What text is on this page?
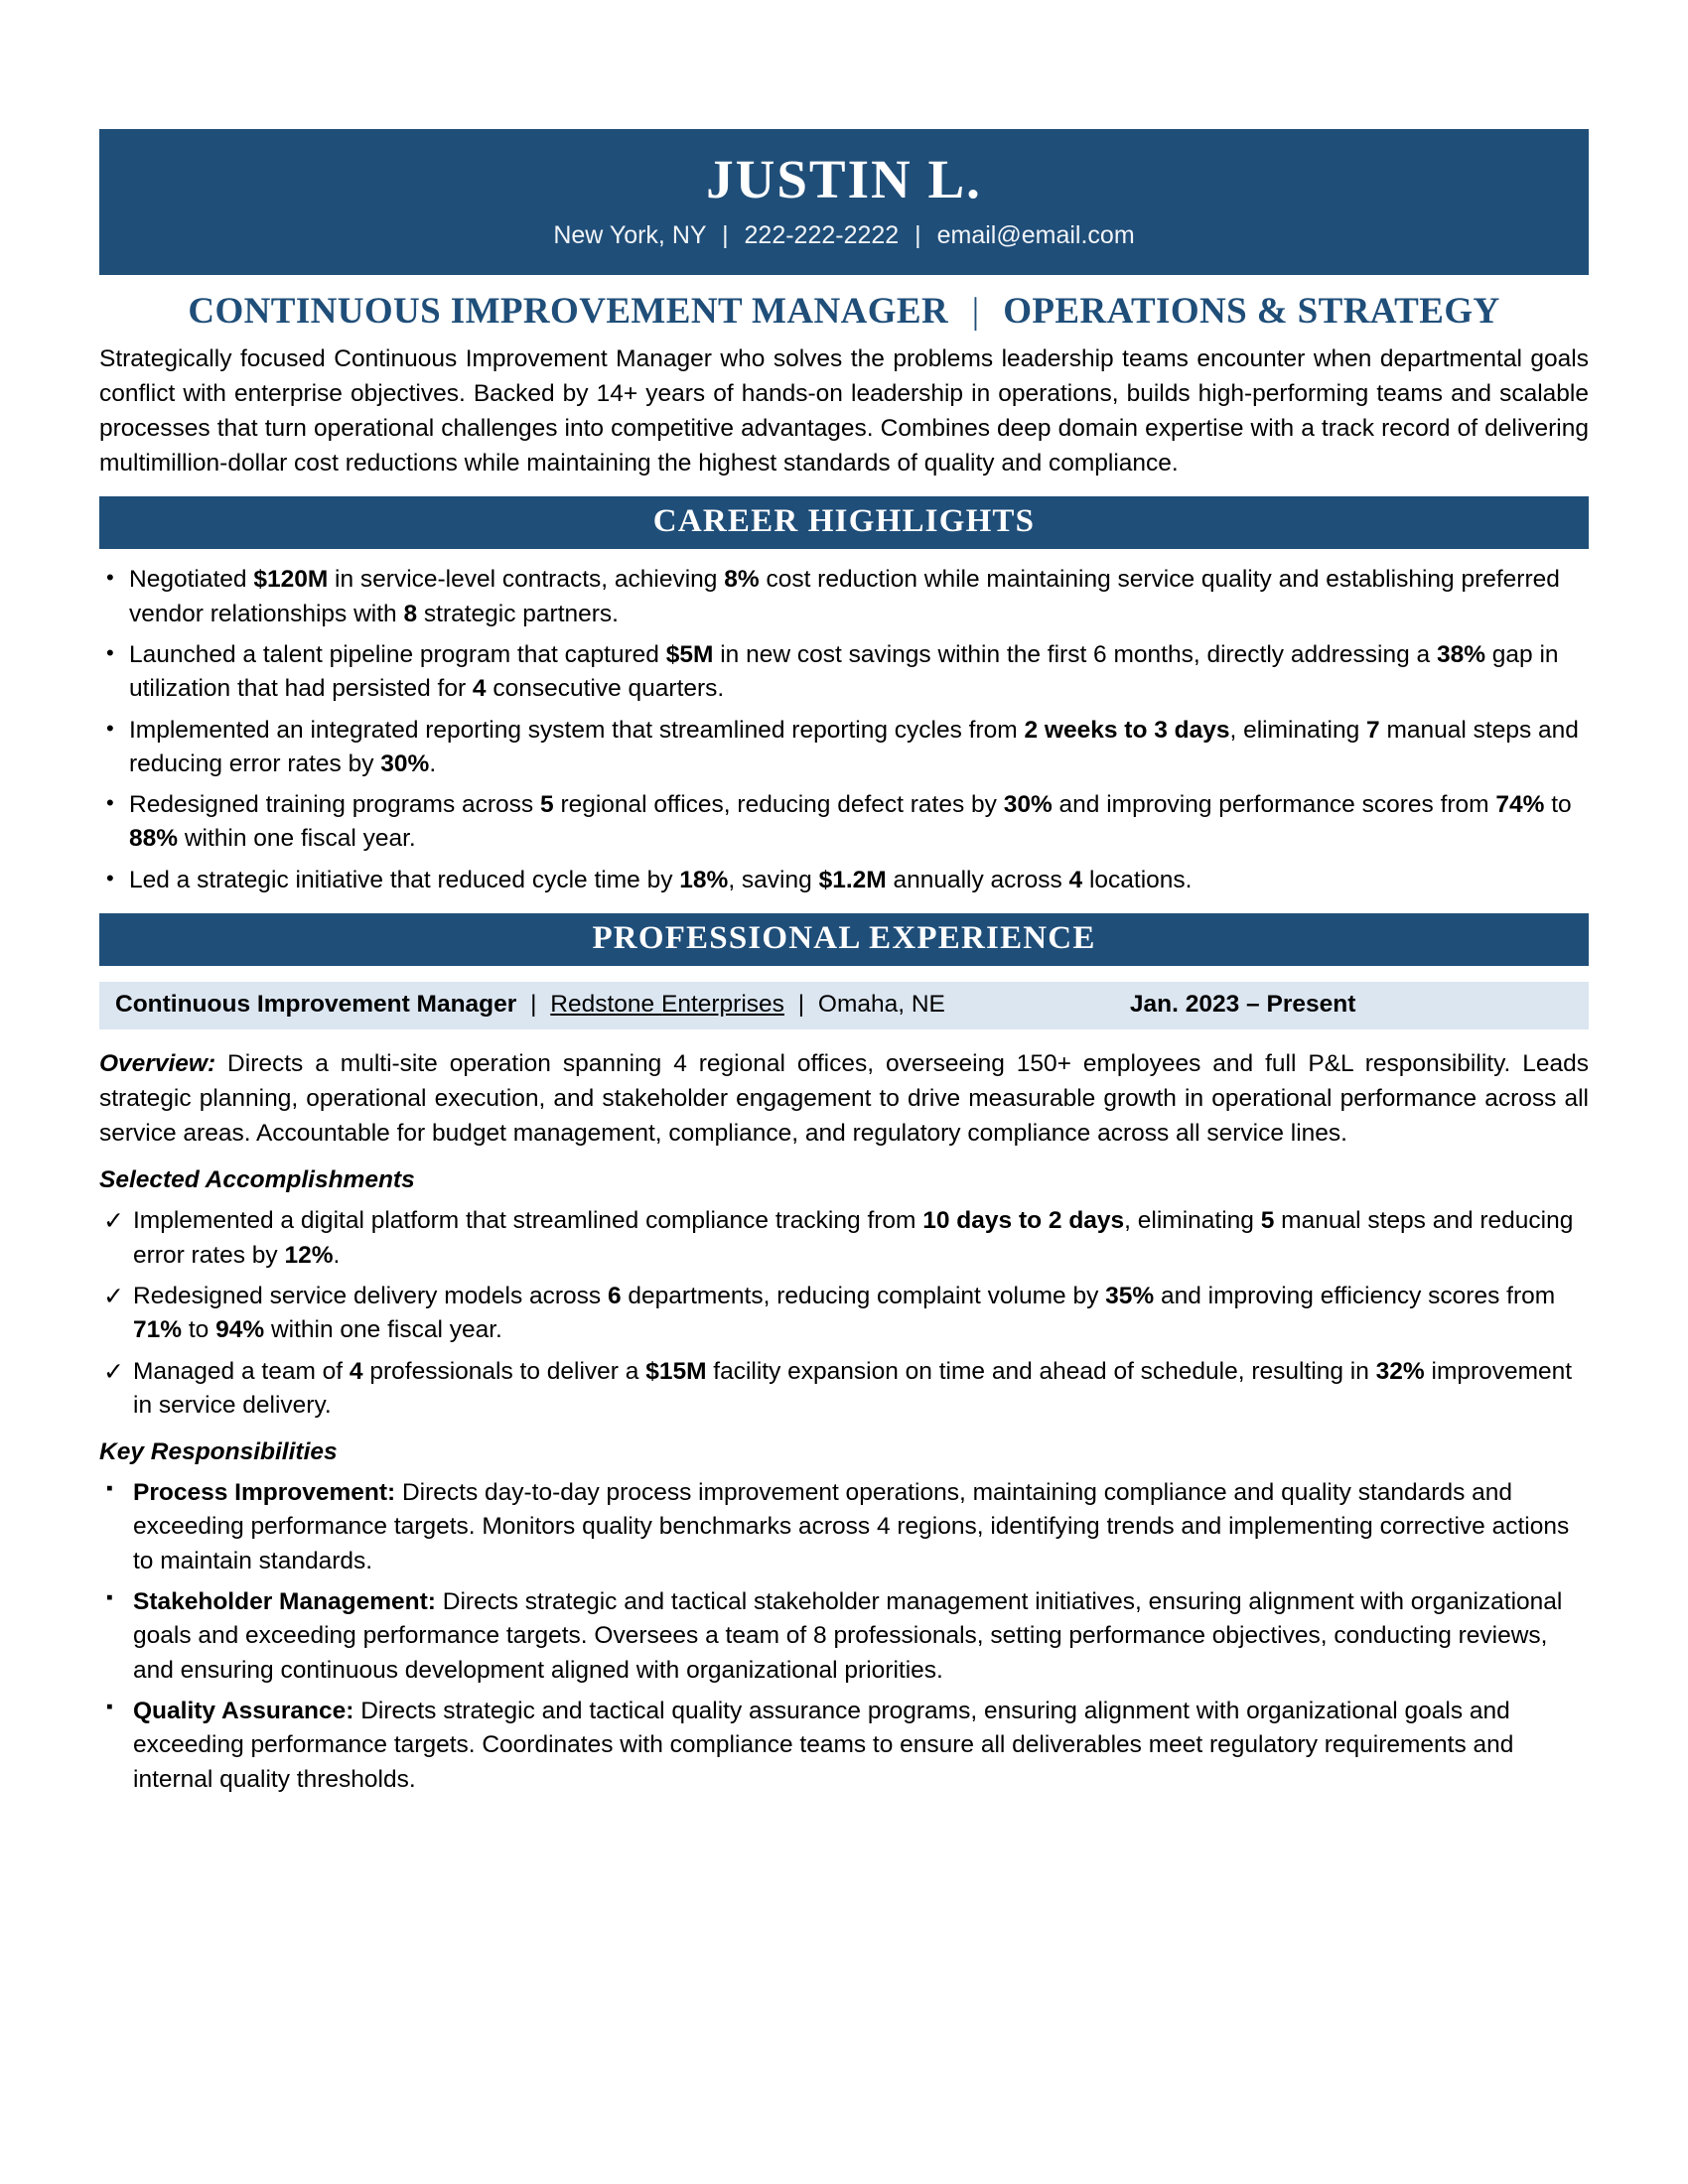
JUSTIN L.
New York, NY | 222-222-2222 | email@email.com
CONTINUOUS IMPROVEMENT MANAGER | OPERATIONS & STRATEGY
Strategically focused Continuous Improvement Manager who solves the problems leadership teams encounter when departmental goals conflict with enterprise objectives. Backed by 14+ years of hands-on leadership in operations, builds high-performing teams and scalable processes that turn operational challenges into competitive advantages. Combines deep domain expertise with a track record of delivering multimillion-dollar cost reductions while maintaining the highest standards of quality and compliance.
CAREER HIGHLIGHTS
• Negotiated $120M in service-level contracts, achieving 8% cost reduction while maintaining service quality and establishing preferred vendor relationships with 8 strategic partners.
• Launched a talent pipeline program that captured $5M in new cost savings within the first 6 months, directly addressing a 38% gap in utilization that had persisted for 4 consecutive quarters.
• Implemented an integrated reporting system that streamlined reporting cycles from 2 weeks to 3 days, eliminating 7 manual steps and reducing error rates by 30%.
• Redesigned training programs across 5 regional offices, reducing defect rates by 30% and improving performance scores from 74% to 88% within one fiscal year.
• Led a strategic initiative that reduced cycle time by 18%, saving $1.2M annually across 4 locations.
PROFESSIONAL EXPERIENCE
Continuous Improvement Manager | Redstone Enterprises | Omaha, NE	Jan. 2023 – Present
Overview: Directs a multi-site operation spanning 4 regional offices, overseeing 150+ employees and full P&L responsibility. Leads strategic planning, operational execution, and stakeholder engagement to drive measurable growth in operational performance across all service areas. Accountable for budget management, compliance, and regulatory compliance across all service lines.
Selected Accomplishments
✓ Implemented a digital platform that streamlined compliance tracking from 10 days to 2 days, eliminating 5 manual steps and reducing error rates by 12%.
✓ Redesigned service delivery models across 6 departments, reducing complaint volume by 35% and improving efficiency scores from 71% to 94% within one fiscal year.
✓ Managed a team of 4 professionals to deliver a $15M facility expansion on time and ahead of schedule, resulting in 32% improvement in service delivery.
Key Responsibilities
▪ Process Improvement: Directs day-to-day process improvement operations, maintaining compliance and quality standards and exceeding performance targets. Monitors quality benchmarks across 4 regions, identifying trends and implementing corrective actions to maintain standards.
▪ Stakeholder Management: Directs strategic and tactical stakeholder management initiatives, ensuring alignment with organizational goals and exceeding performance targets. Oversees a team of 8 professionals, setting performance objectives, conducting reviews, and ensuring continuous development aligned with organizational priorities.
▪ Quality Assurance: Directs strategic and tactical quality assurance programs, ensuring alignment with organizational goals and exceeding performance targets. Coordinates with compliance teams to ensure all deliverables meet regulatory requirements and internal quality thresholds.
